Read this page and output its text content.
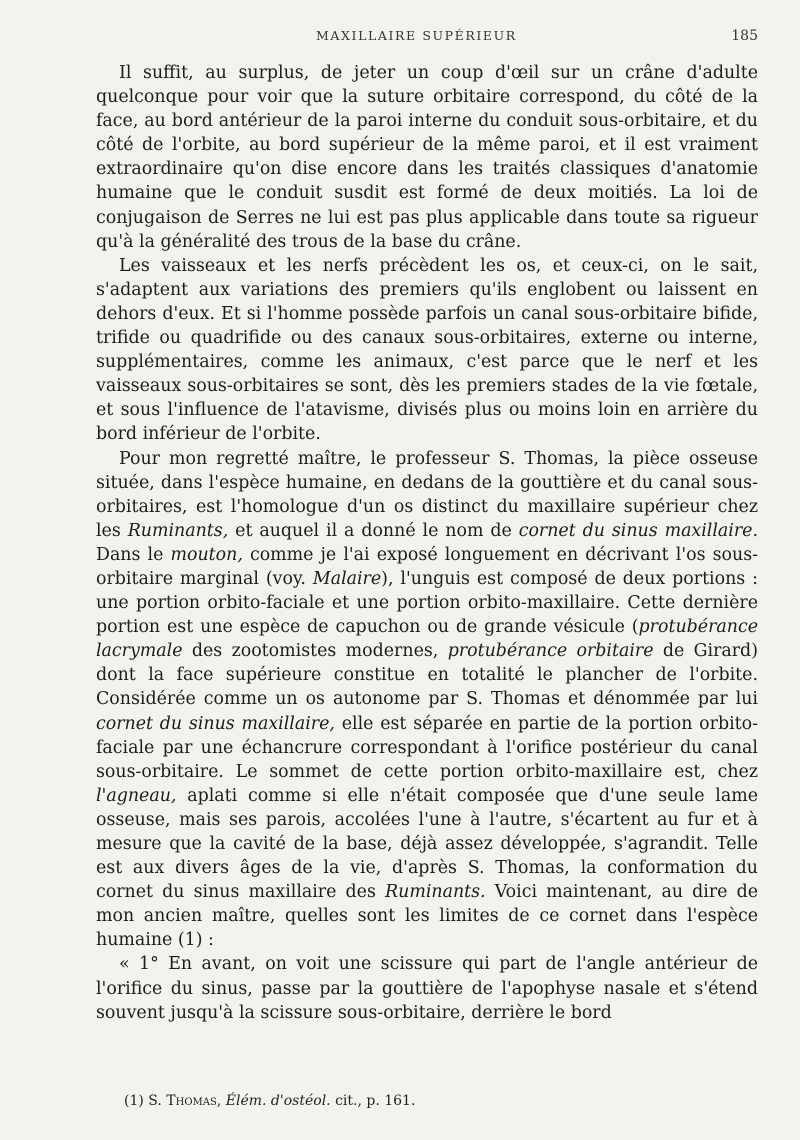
MAXILLAIRE SUPÉRIEUR	185

Il suffit, au surplus, de jeter un coup d'œil sur un crâne d'adulte quelconque pour voir que la suture orbitaire correspond, du côté de la face, au bord antérieur de la paroi interne du conduit sous-orbitaire, et du côté de l'orbite, au bord supérieur de la même paroi, et il est vraiment extraordinaire qu'on dise encore dans les traités classiques d'anatomie humaine que le conduit susdit est formé de deux moitiés. La loi de conjugaison de Serres ne lui est pas plus applicable dans toute sa rigueur qu'à la généralité des trous de la base du crâne.

Les vaisseaux et les nerfs précèdent les os, et ceux-ci, on le sait, s'adaptent aux variations des premiers qu'ils englobent ou laissent en dehors d'eux. Et si l'homme possède parfois un canal sous-orbitaire bifide, trifide ou quadrifide ou des canaux sous-orbitaires, externe ou interne, supplémentaires, comme les animaux, c'est parce que le nerf et les vaisseaux sous-orbitaires se sont, dès les premiers stades de la vie fœtale, et sous l'influence de l'atavisme, divisés plus ou moins loin en arrière du bord inférieur de l'orbite.

Pour mon regretté maître, le professeur S. Thomas, la pièce osseuse située, dans l'espèce humaine, en dedans de la gouttière et du canal sous-orbitaires, est l'homologue d'un os distinct du maxillaire supérieur chez les Ruminants, et auquel il a donné le nom de cornet du sinus maxillaire. Dans le mouton, comme je l'ai exposé longuement en décrivant l'os sous-orbitaire marginal (voy. Malaire), l'unguis est composé de deux portions : une portion orbito-faciale et une portion orbito-maxillaire. Cette dernière portion est une espèce de capuchon ou de grande vésicule (protubérance lacrymale des zootomistes modernes, protubérance orbitaire de Girard) dont la face supérieure constitue en totalité le plancher de l'orbite. Considérée comme un os autonome par S. Thomas et dénommée par lui cornet du sinus maxillaire, elle est séparée en partie de la portion orbito-faciale par une échancrure correspondant à l'orifice postérieur du canal sous-orbitaire. Le sommet de cette portion orbito-maxillaire est, chez l'agneau, aplati comme si elle n'était composée que d'une seule lame osseuse, mais ses parois, accolées l'une à l'autre, s'écartent au fur et à mesure que la cavité de la base, déjà assez développée, s'agrandit. Telle est aux divers âges de la vie, d'après S. Thomas, la conformation du cornet du sinus maxillaire des Ruminants. Voici maintenant, au dire de mon ancien maître, quelles sont les limites de ce cornet dans l'espèce humaine (1) :

« 1° En avant, on voit une scissure qui part de l'angle antérieur de l'orifice du sinus, passe par la gouttière de l'apophyse nasale et s'étend souvent jusqu'à la scissure sous-orbitaire, derrière le bord

(1) S. Thomas, Élém. d'ostéol. cit., p. 161.
